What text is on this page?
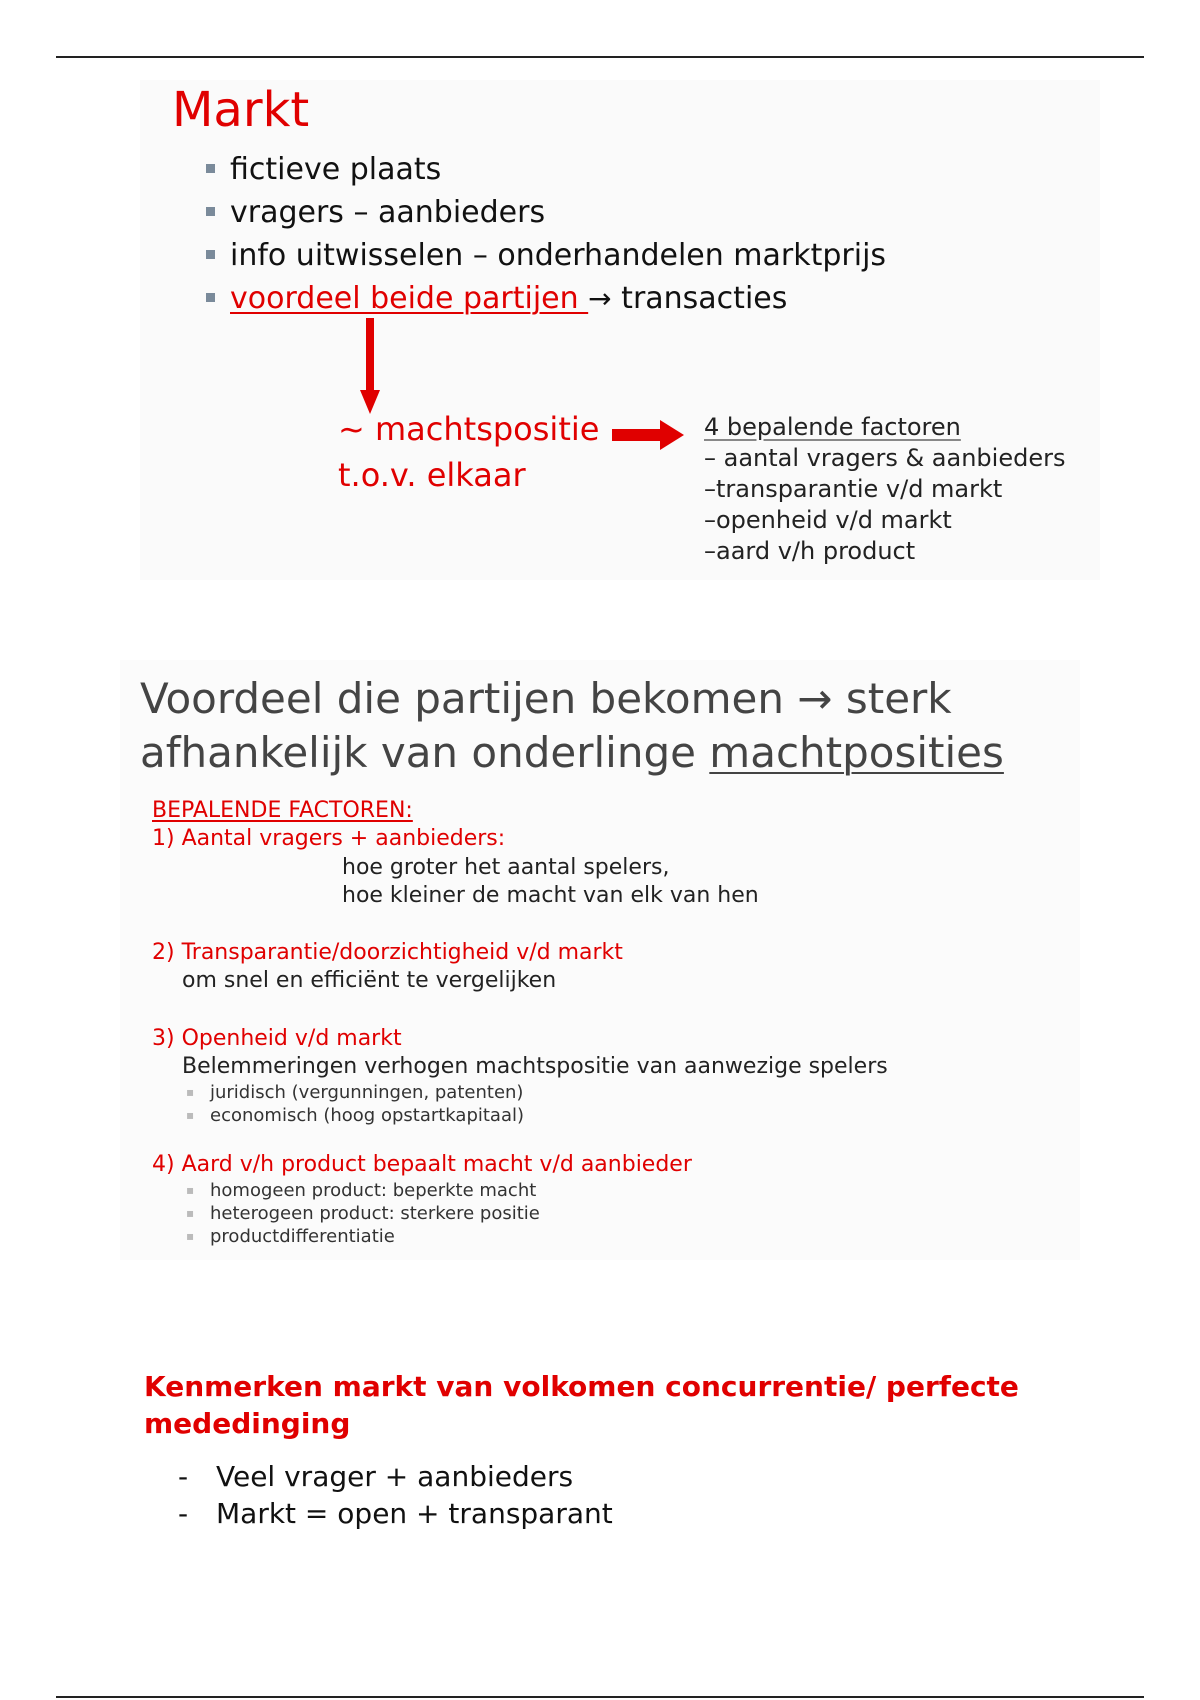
Markt
fictieve plaats
vragers – aanbieders
info uitwisselen – onderhandelen marktprijs
voordeel beide partijen → transacties
~ machtspositie
t.o.v. elkaar
4 bepalende factoren
– aantal vragers & aanbieders
–transparantie v/d markt
–openheid v/d markt
–aard v/h product
Voordeel die partijen bekomen → sterk
afhankelijk van onderlinge machtposities
BEPALENDE FACTOREN:
1) Aantal vragers + aanbieders:
hoe groter het aantal spelers,
hoe kleiner de macht van elk van hen
2) Transparantie/doorzichtigheid v/d markt
om snel en efficiënt te vergelijken
3) Openheid v/d markt
Belemmeringen verhogen machtspositie van aanwezige spelers
▪ juridisch (vergunningen, patenten)
▪ economisch (hoog opstartkapitaal)
4) Aard v/h product bepaalt macht v/d aanbieder
▪ homogeen product: beperkte macht
▪ heterogeen product: sterkere positie
▪ productdifferentiatie
Kenmerken markt van volkomen concurrentie/ perfecte mededinging
- Veel vrager + aanbieders
- Markt = open + transparant
